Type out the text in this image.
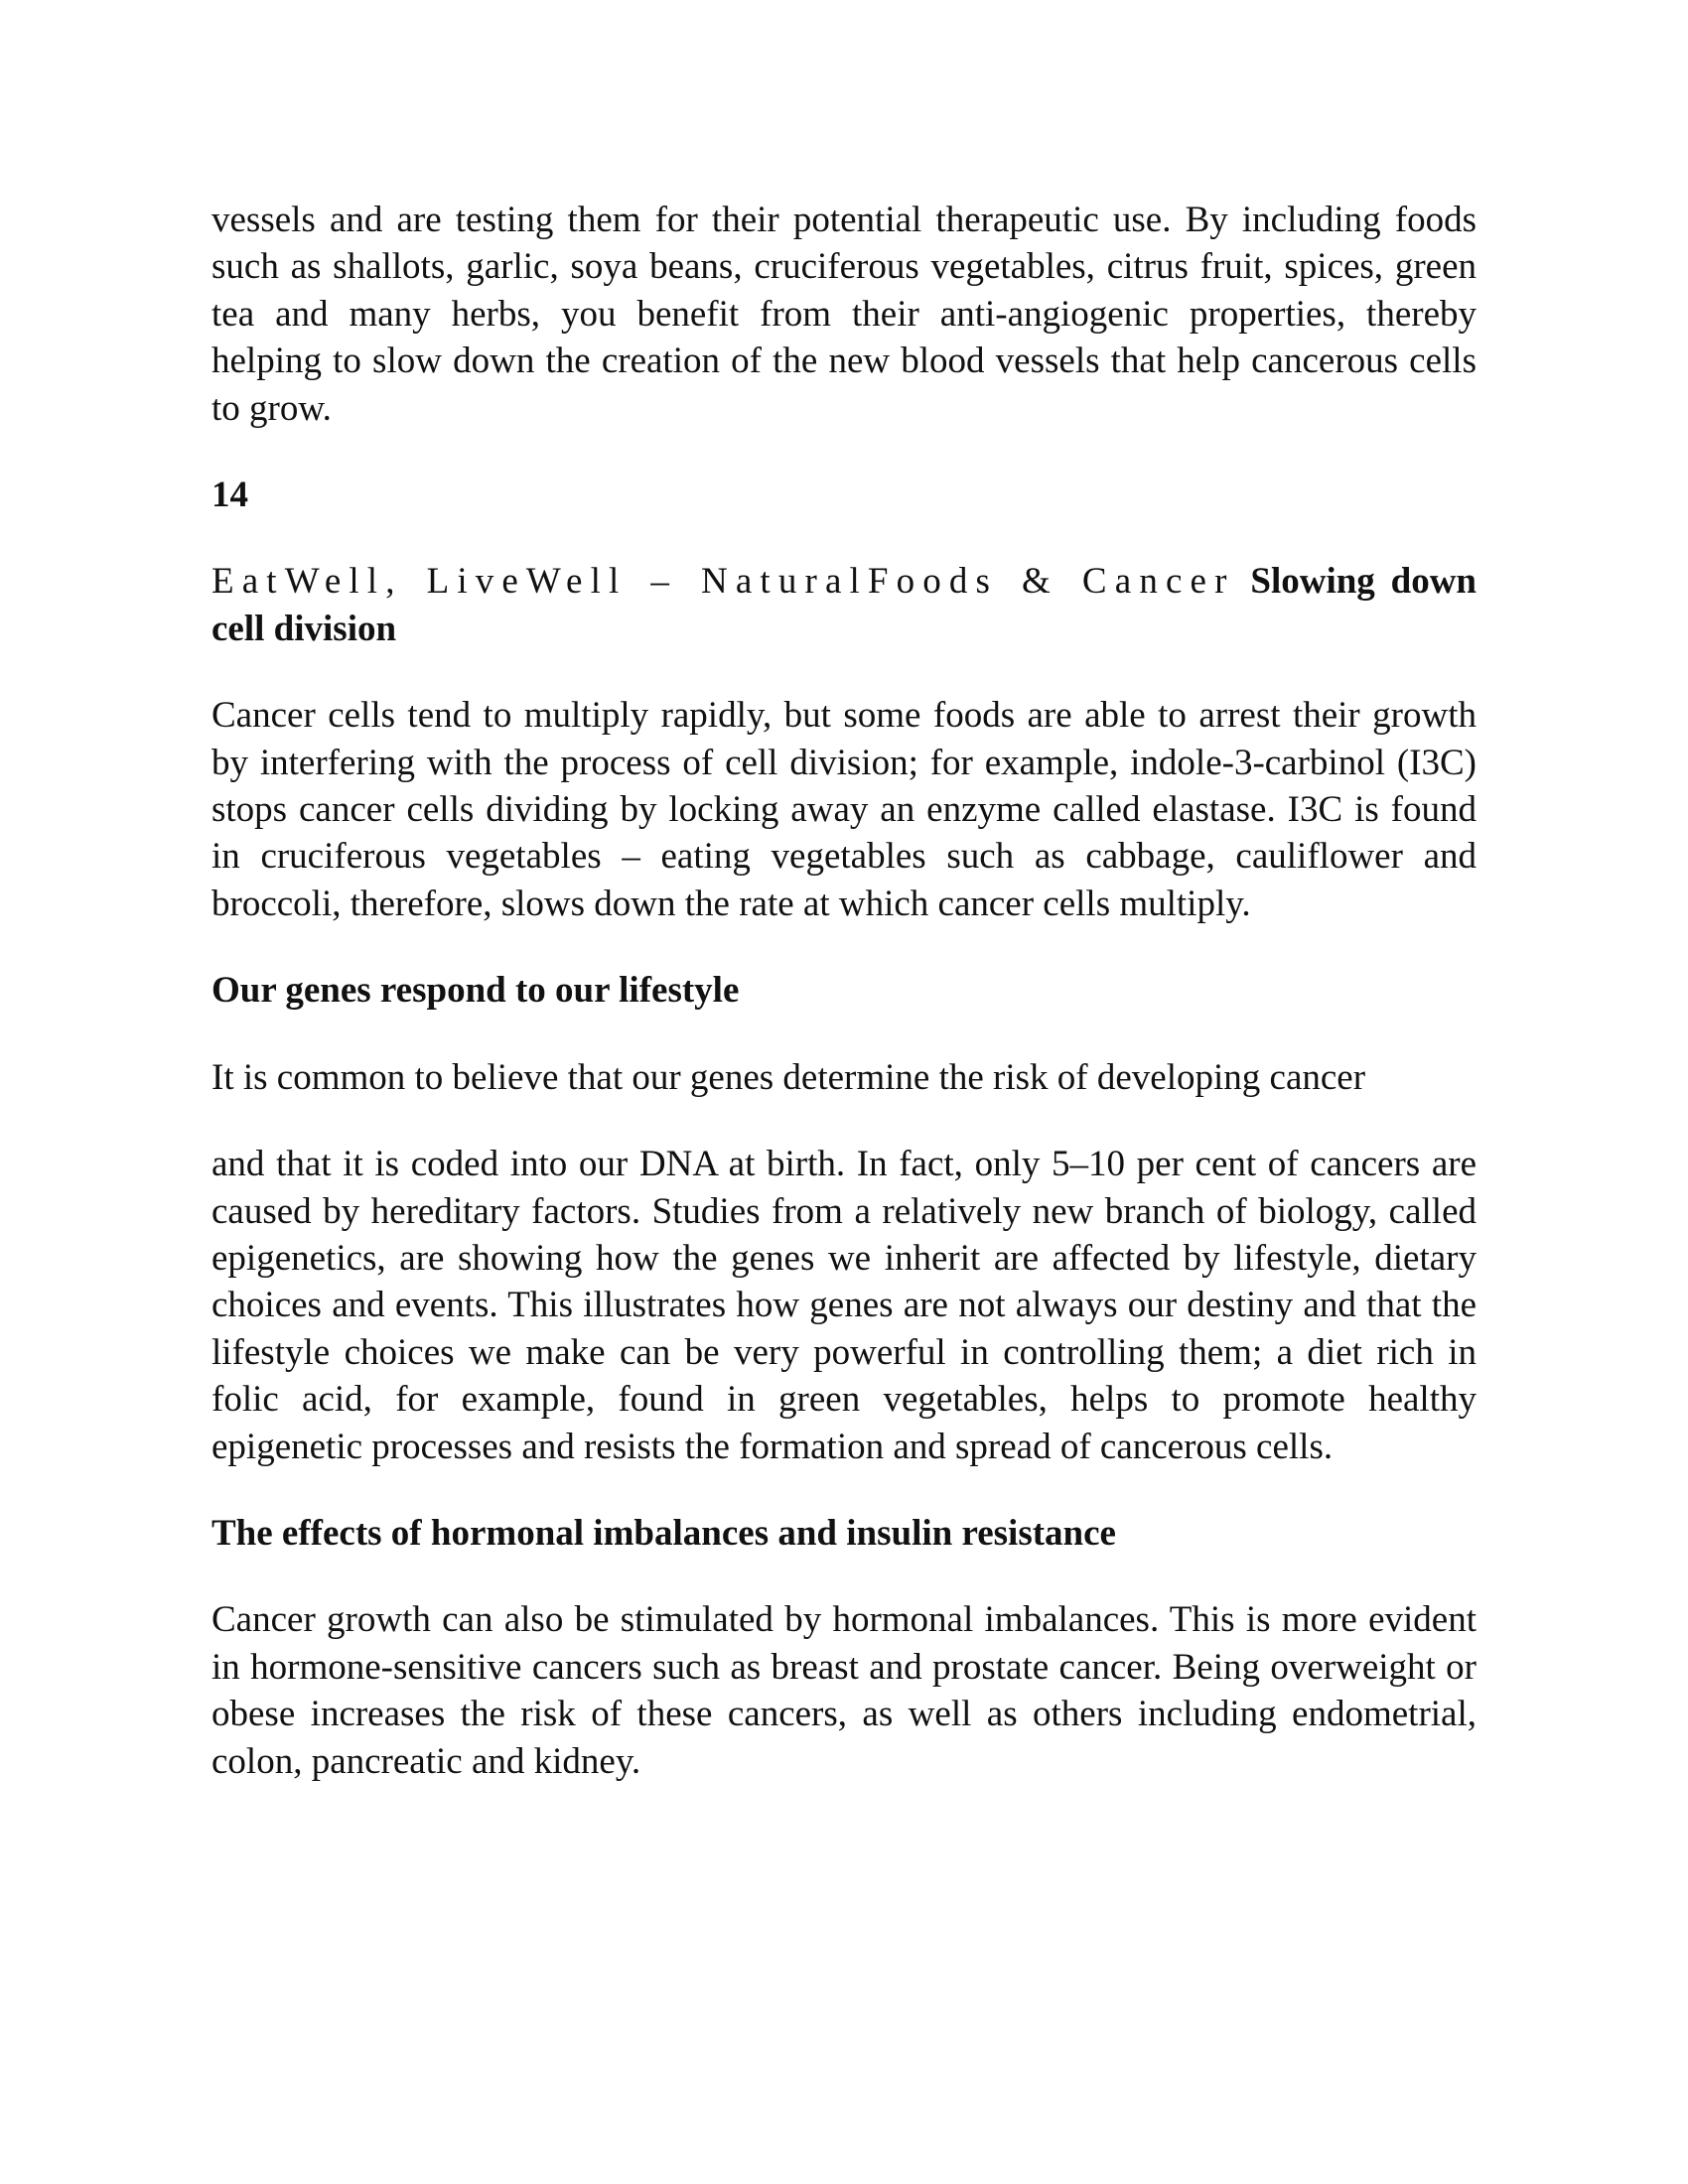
vessels and are testing them for their potential therapeutic use. By including foods such as shallots, garlic, soya beans, cruciferous vegetables, citrus fruit, spices, green tea and many herbs, you benefit from their anti-angiogenic properties, thereby helping to slow down the creation of the new blood vessels that help cancerous cells to grow.

14
EatWell, LiveWell – NaturalFoods & Cancer Slowing down cell division

Cancer cells tend to multiply rapidly, but some foods are able to arrest their growth by interfering with the process of cell division; for example, indole-3-carbinol (I3C) stops cancer cells dividing by locking away an enzyme called elastase. I3C is found in cruciferous vegetables – eating vegetables such as cabbage, cauliflower and broccoli, therefore, slows down the rate at which cancer cells multiply.

Our genes respond to our lifestyle

It is common to believe that our genes determine the risk of developing cancer

and that it is coded into our DNA at birth. In fact, only 5–10 per cent of cancers are caused by hereditary factors. Studies from a relatively new branch of biology, called epigenetics, are showing how the genes we inherit are affected by lifestyle, dietary choices and events. This illustrates how genes are not always our destiny and that the lifestyle choices we make can be very powerful in controlling them; a diet rich in folic acid, for example, found in green vegetables, helps to promote healthy epigenetic processes and resists the formation and spread of cancerous cells.

The effects of hormonal imbalances and insulin resistance

Cancer growth can also be stimulated by hormonal imbalances. This is more evident in hormone-sensitive cancers such as breast and prostate cancer. Being overweight or obese increases the risk of these cancers, as well as others including endometrial, colon, pancreatic and kidney.
